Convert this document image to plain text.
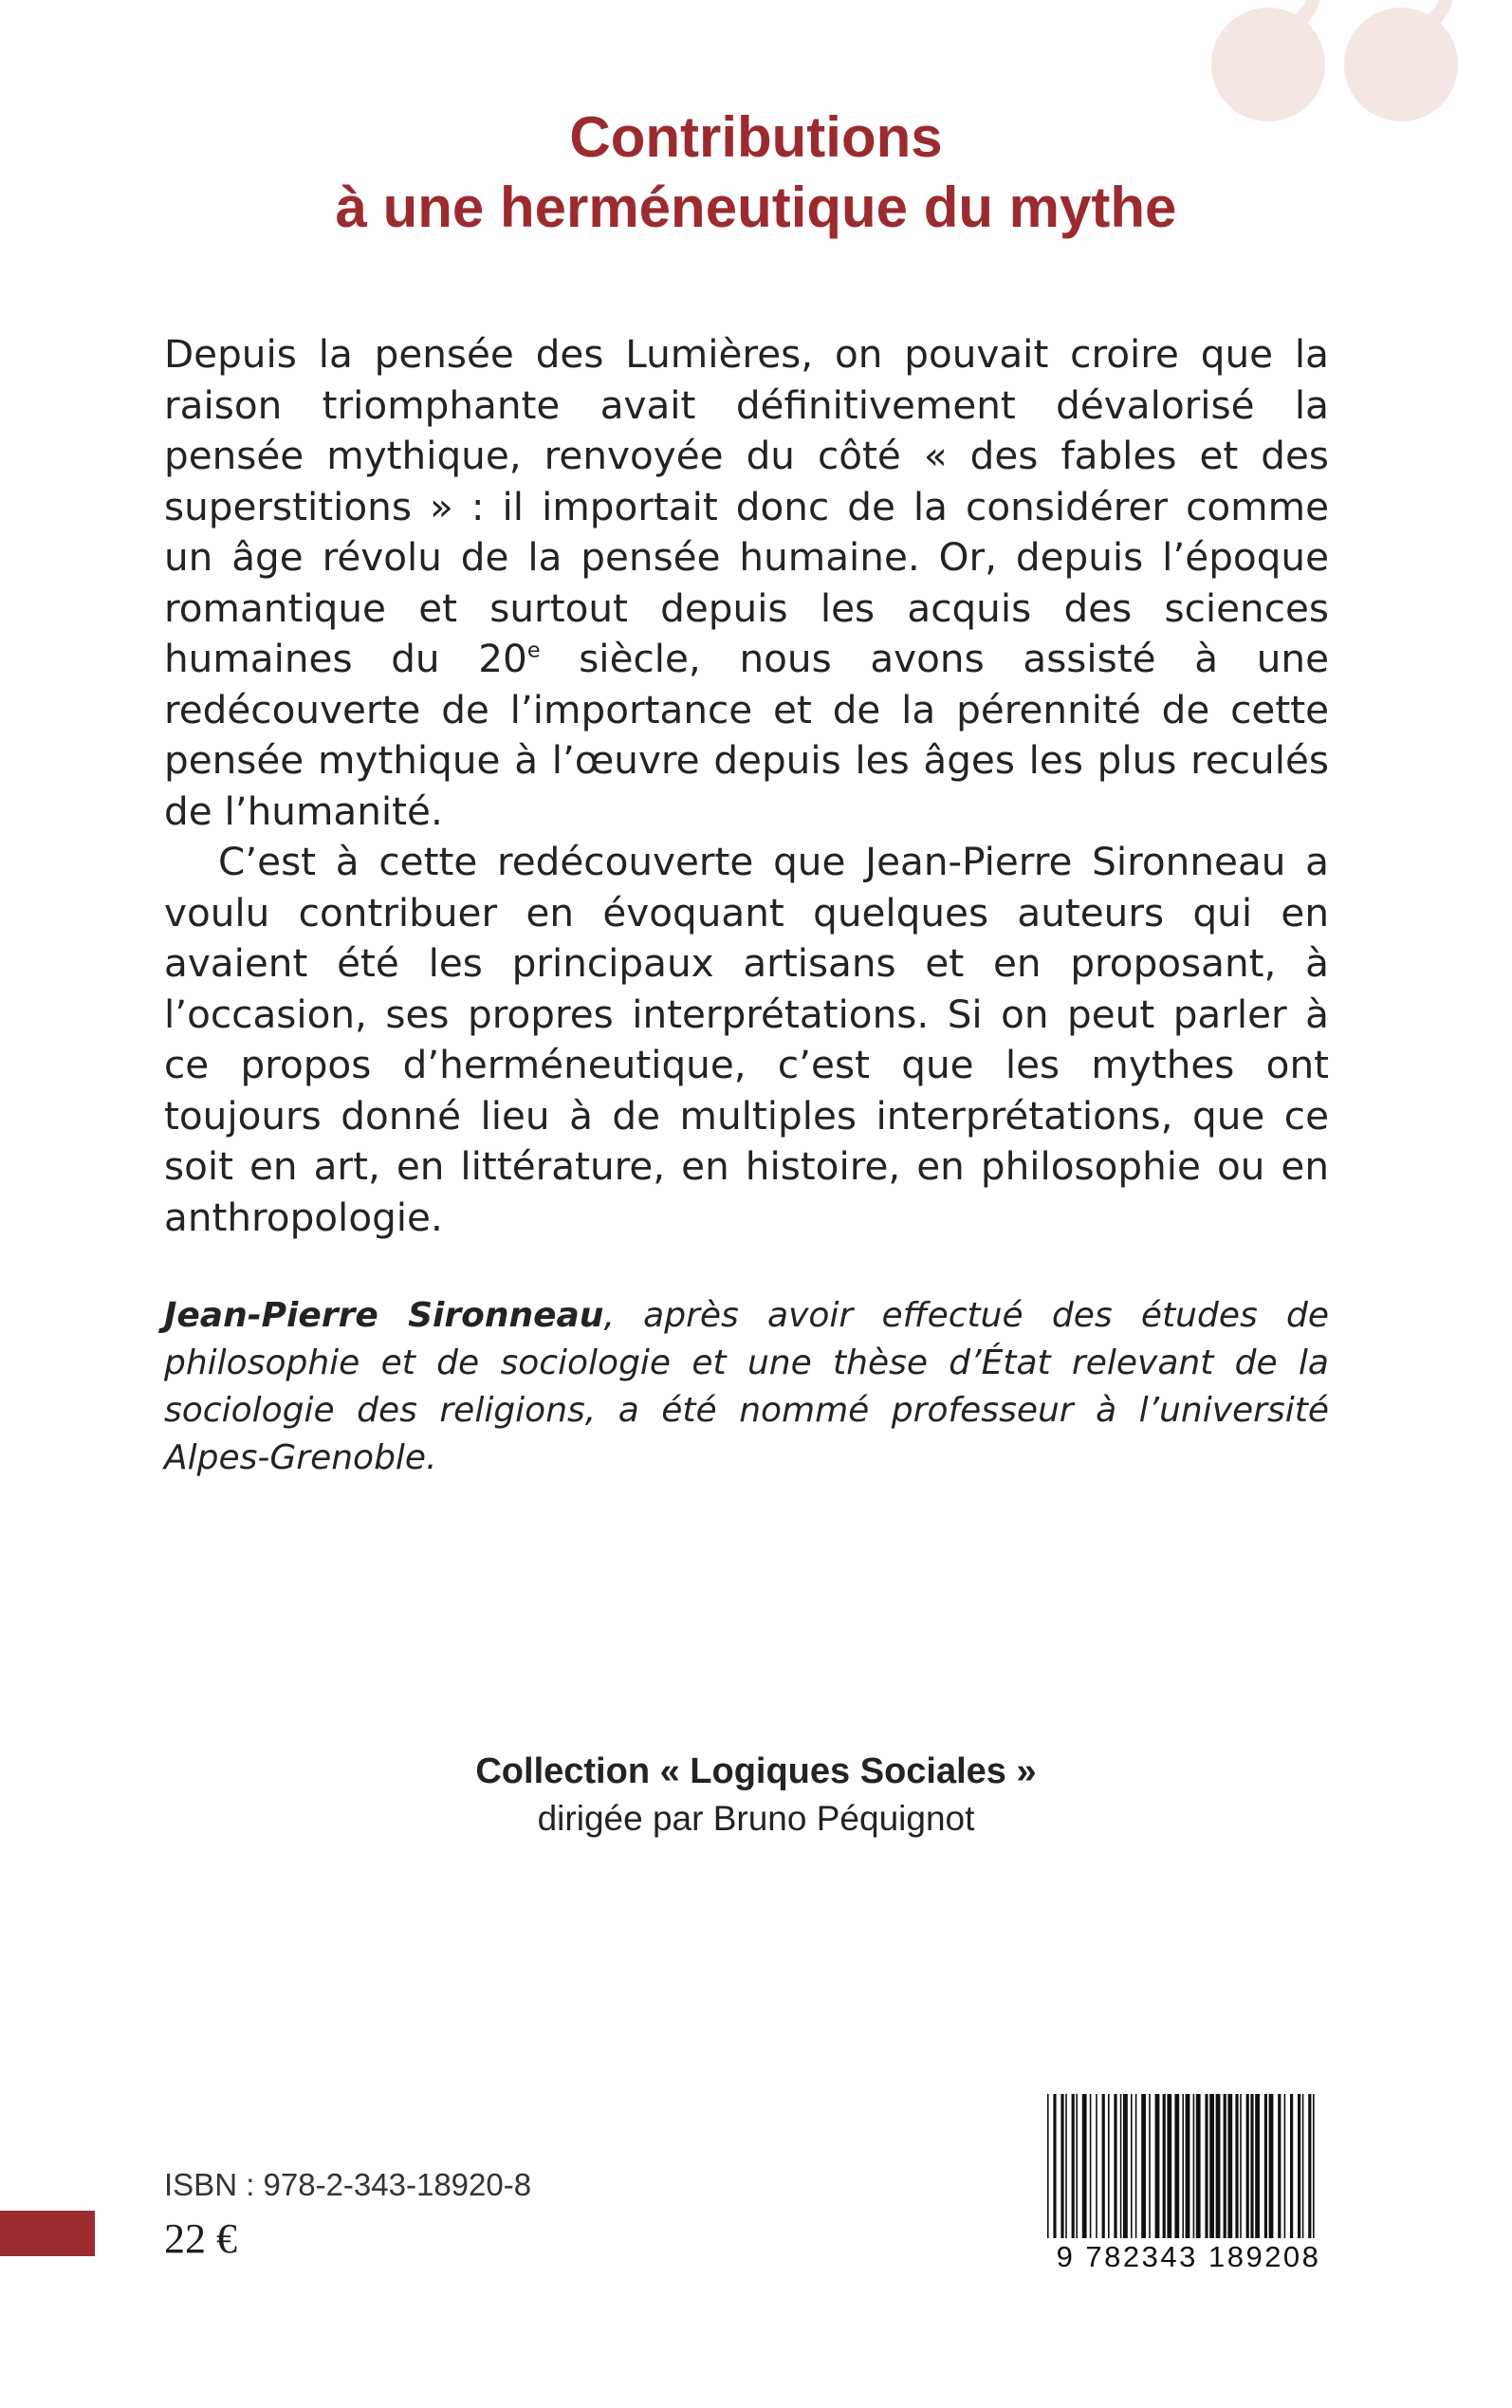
Contributions
à une herméneutique du mythe

Depuis la pensée des Lumières, on pouvait croire que la raison triomphante avait définitivement dévalorisé la pensée mythique, renvoyée du côté « des fables et des superstitions » : il importait donc de la considérer comme un âge révolu de la pensée humaine. Or, depuis l’époque romantique et surtout depuis les acquis des sciences humaines du 20e siècle, nous avons assisté à une redécouverte de l’importance et de la pérennité de cette pensée mythique à l’œuvre depuis les âges les plus reculés de l’humanité.

C’est à cette redécouverte que Jean-Pierre Sironneau a voulu contribuer en évoquant quelques auteurs qui en avaient été les principaux artisans et en proposant, à l’occasion, ses propres interprétations. Si on peut parler à ce propos d’herméneutique, c’est que les mythes ont toujours donné lieu à de multiples interprétations, que ce soit en art, en littérature, en histoire, en philosophie ou en anthropologie.

Jean-Pierre Sironneau, après avoir effectué des études de philosophie et de sociologie et une thèse d’État relevant de la sociologie des religions, a été nommé professeur à l’université Alpes-Grenoble.

Collection « Logiques Sociales »
dirigée par Bruno Péquignot
ISBN : 978-2-343-18920-8
22 €	9 782343 189208
